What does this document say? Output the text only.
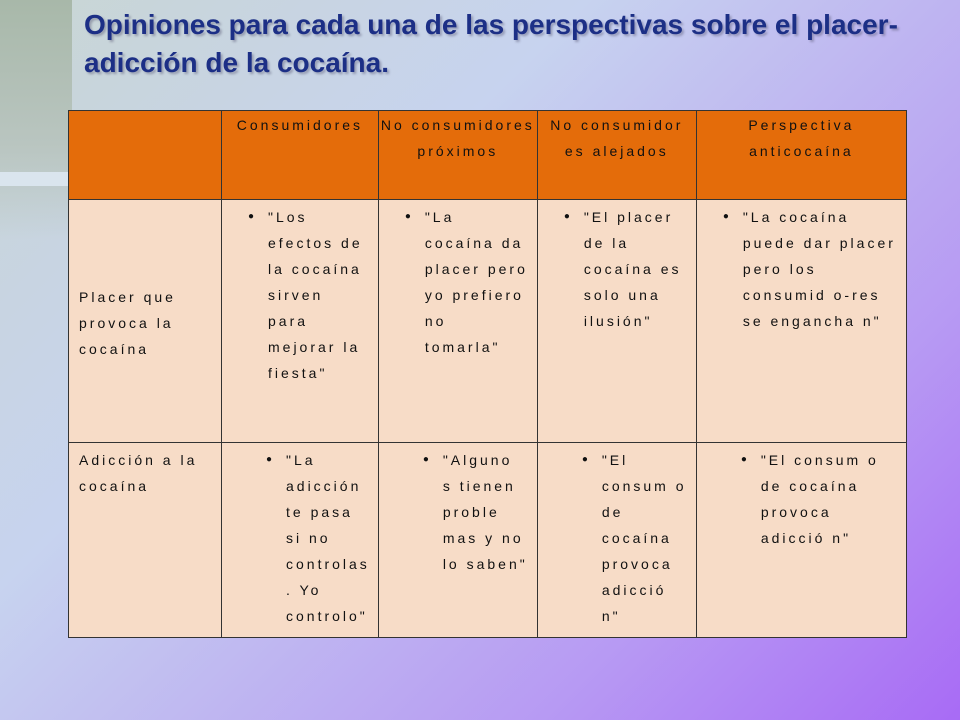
Opiniones para cada una de las perspectivas sobre el placer-adicción de la cocaína.
	Consumidores	No consumidores próximos	No consumidor es alejados	Perspectiva anticocaína
Placer que provoca la cocaína	● "Los efectos de la cocaína sirven para mejorar la fiesta"	● "La cocaína da placer pero yo prefiero no tomarla"	● "El placer de la cocaína es solo una ilusión"	● "La cocaína puede dar placer pero los consumid o-res se engancha n"

Adicción a la cocaína	● "La adicción te pasa si no controlas . Yo controlo"	● "Alguno s tienen proble mas y no lo saben"	● "El consum o de cocaína provoca adicció n"	● "El consum o de cocaína provoca adicció n"
